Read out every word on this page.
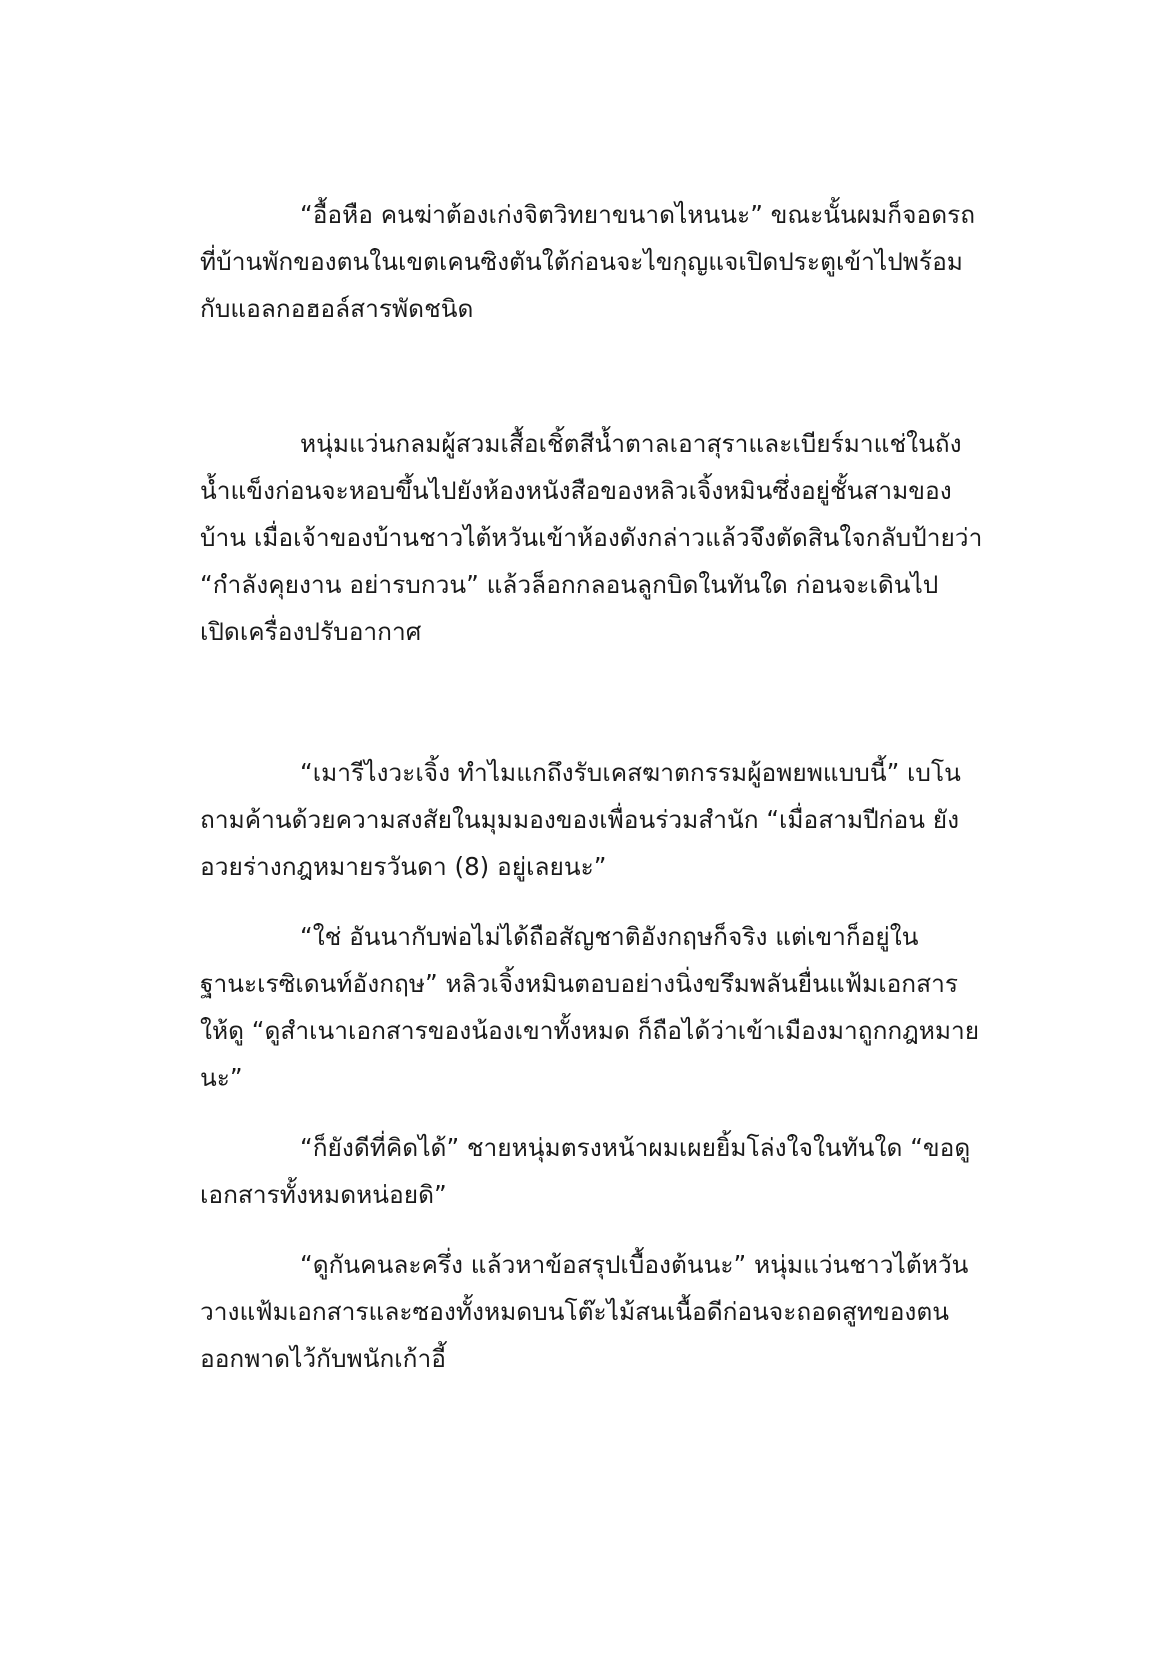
“อื้อหือ คนฆ่าต้องเก่งจิตวิทยาขนาดไหนนะ” ขณะนั้นผมก็จอดรถ

ที่บ้านพักของตนในเขตเคนซิงตันใต้ก่อนจะไขกุญแจเปิดประตูเข้าไปพร้อม

กับแอลกอฮอล์สารพัดชนิด

หนุ่มแว่นกลมผู้สวมเสื้อเชิ้ตสีน้ำตาลเอาสุราและเบียร์มาแช่ในถัง

น้ำแข็งก่อนจะหอบขึ้นไปยังห้องหนังสือของหลิวเจิ้งหมินซึ่งอยู่ชั้นสามของ

บ้าน เมื่อเจ้าของบ้านชาวไต้หวันเข้าห้องดังกล่าวแล้วจึงตัดสินใจกลับป้ายว่า

“กำลังคุยงาน อย่ารบกวน” แล้วล็อกกลอนลูกบิดในทันใด ก่อนจะเดินไป

เปิดเครื่องปรับอากาศ

“เมารีไงวะเจิ้ง ทำไมแกถึงรับเคสฆาตกรรมผู้อพยพแบบนี้” เบโน

ถามค้านด้วยความสงสัยในมุมมองของเพื่อนร่วมสำนัก “เมื่อสามปีก่อน ยัง

อวยร่างกฎหมายรวันดา (8) อยู่เลยนะ”

“ใช่ อันนากับพ่อไม่ได้ถือสัญชาติอังกฤษก็จริง แต่เขาก็อยู่ใน

ฐานะเรซิเดนท์อังกฤษ” หลิวเจิ้งหมินตอบอย่างนิ่งขรึมพลันยื่นแฟ้มเอกสาร

ให้ดู “ดูสำเนาเอกสารของน้องเขาทั้งหมด ก็ถือได้ว่าเข้าเมืองมาถูกกฎหมาย

นะ”

“ก็ยังดีที่คิดได้” ชายหนุ่มตรงหน้าผมเผยยิ้มโล่งใจในทันใด “ขอดู

เอกสารทั้งหมดหน่อยดิ”

“ดูกันคนละครึ่ง แล้วหาข้อสรุปเบื้องต้นนะ” หนุ่มแว่นชาวไต้หวัน

วางแฟ้มเอกสารและซองทั้งหมดบนโต๊ะไม้สนเนื้อดีก่อนจะถอดสูทของตน

ออกพาดไว้กับพนักเก้าอี้
